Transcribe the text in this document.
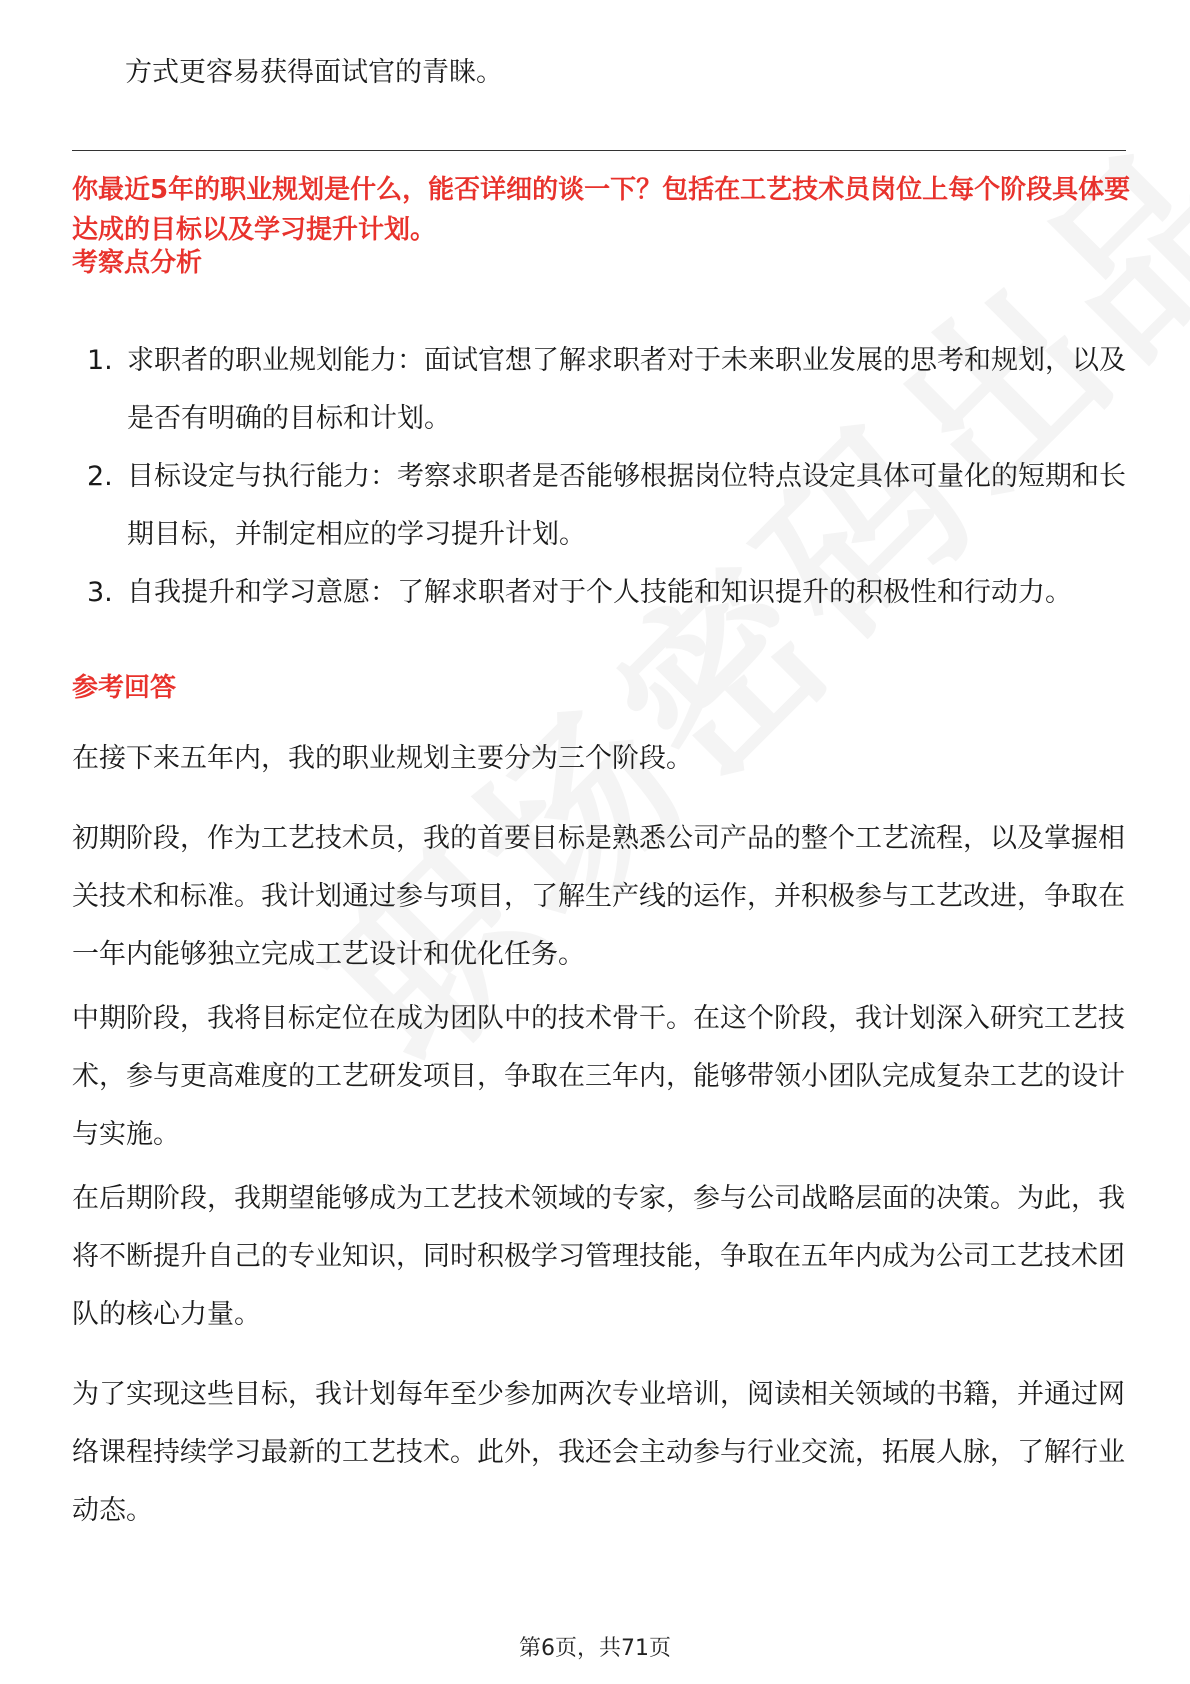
方式更容易获得面试官的青睐。
你最近5年的职业规划是什么，能否详细的谈一下？包括在工艺技术员岗位上每个阶段具体要达成的目标以及学习提升计划。
考察点分析
1. 求职者的职业规划能力：面试官想了解求职者对于未来职业发展的思考和规划，以及是否有明确的目标和计划。
2. 目标设定与执行能力：考察求职者是否能够根据岗位特点设定具体可量化的短期和长期目标，并制定相应的学习提升计划。
3. 自我提升和学习意愿：了解求职者对于个人技能和知识提升的积极性和行动力。
参考回答

在接下来五年内，我的职业规划主要分为三个阶段。

初期阶段，作为工艺技术员，我的首要目标是熟悉公司产品的整个工艺流程，以及掌握相关技术和标准。我计划通过参与项目，了解生产线的运作，并积极参与工艺改进，争取在一年内能够独立完成工艺设计和优化任务。

中期阶段，我将目标定位在成为团队中的技术骨干。在这个阶段，我计划深入研究工艺技术，参与更高难度的工艺研发项目，争取在三年内，能够带领小团队完成复杂工艺的设计与实施。

在后期阶段，我期望能够成为工艺技术领域的专家，参与公司战略层面的决策。为此，我将不断提升自己的专业知识，同时积极学习管理技能，争取在五年内成为公司工艺技术团队的核心力量。

为了实现这些目标，我计划每年至少参加两次专业培训，阅读相关领域的书籍，并通过网络课程持续学习最新的工艺技术。此外，我还会主动参与行业交流，拓展人脉，了解行业动态。

第6页，共71页
